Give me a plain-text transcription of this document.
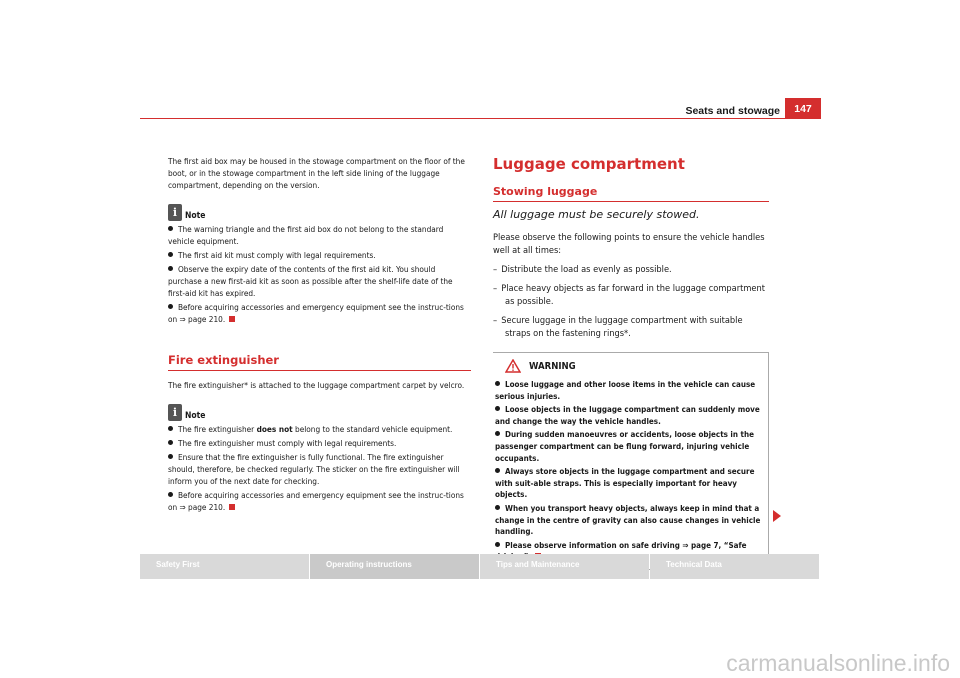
Seats and stowage	147

The first aid box may be housed in the stowage compartment on the floor of the boot, or in the stowage compartment in the left side lining of the luggage compartment, depending on the version.

i Note

The warning triangle and the first aid box do not belong to the standard vehicle equipment.

The first aid kit must comply with legal requirements.

Observe the expiry date of the contents of the first aid kit. You should purchase a new first-aid kit as soon as possible after the shelf-life date of the first-aid kit has expired.

Before acquiring accessories and emergency equipment see the instruc-tions on ⇒ page 210.

Fire extinguisher

The fire extinguisher* is attached to the luggage compartment carpet by velcro.

i Note

The fire extinguisher does not belong to the standard vehicle equipment.

The fire extinguisher must comply with legal requirements.

Ensure that the fire extinguisher is fully functional. The fire extinguisher should, therefore, be checked regularly. The sticker on the fire extinguisher will inform you of the next date for checking.

Before acquiring accessories and emergency equipment see the instruc-tions on ⇒ page 210.

Luggage compartment
Stowing luggage
All luggage must be securely stowed.

Please observe the following points to ensure the vehicle handles well at all times:

– Distribute the load as evenly as possible.

– Place heavy objects as far forward in the luggage compartment as possible.

– Secure luggage in the luggage compartment with suitable straps on the fastening rings*.

WARNING

Loose luggage and other loose items in the vehicle can cause serious injuries.

Loose objects in the luggage compartment can suddenly move and change the way the vehicle handles.

During sudden manoeuvres or accidents, loose objects in the passenger compartment can be flung forward, injuring vehicle occupants.

Always store objects in the luggage compartment and secure with suit-able straps. This is especially important for heavy objects.

When you transport heavy objects, always keep in mind that a change in the centre of gravity can also cause changes in vehicle handling.

Please observe information on safe driving ⇒ page 7, “Safe

Safety First	Operating instructions	Tips and Maintenance	Technical Data
carmanualsonline.info
